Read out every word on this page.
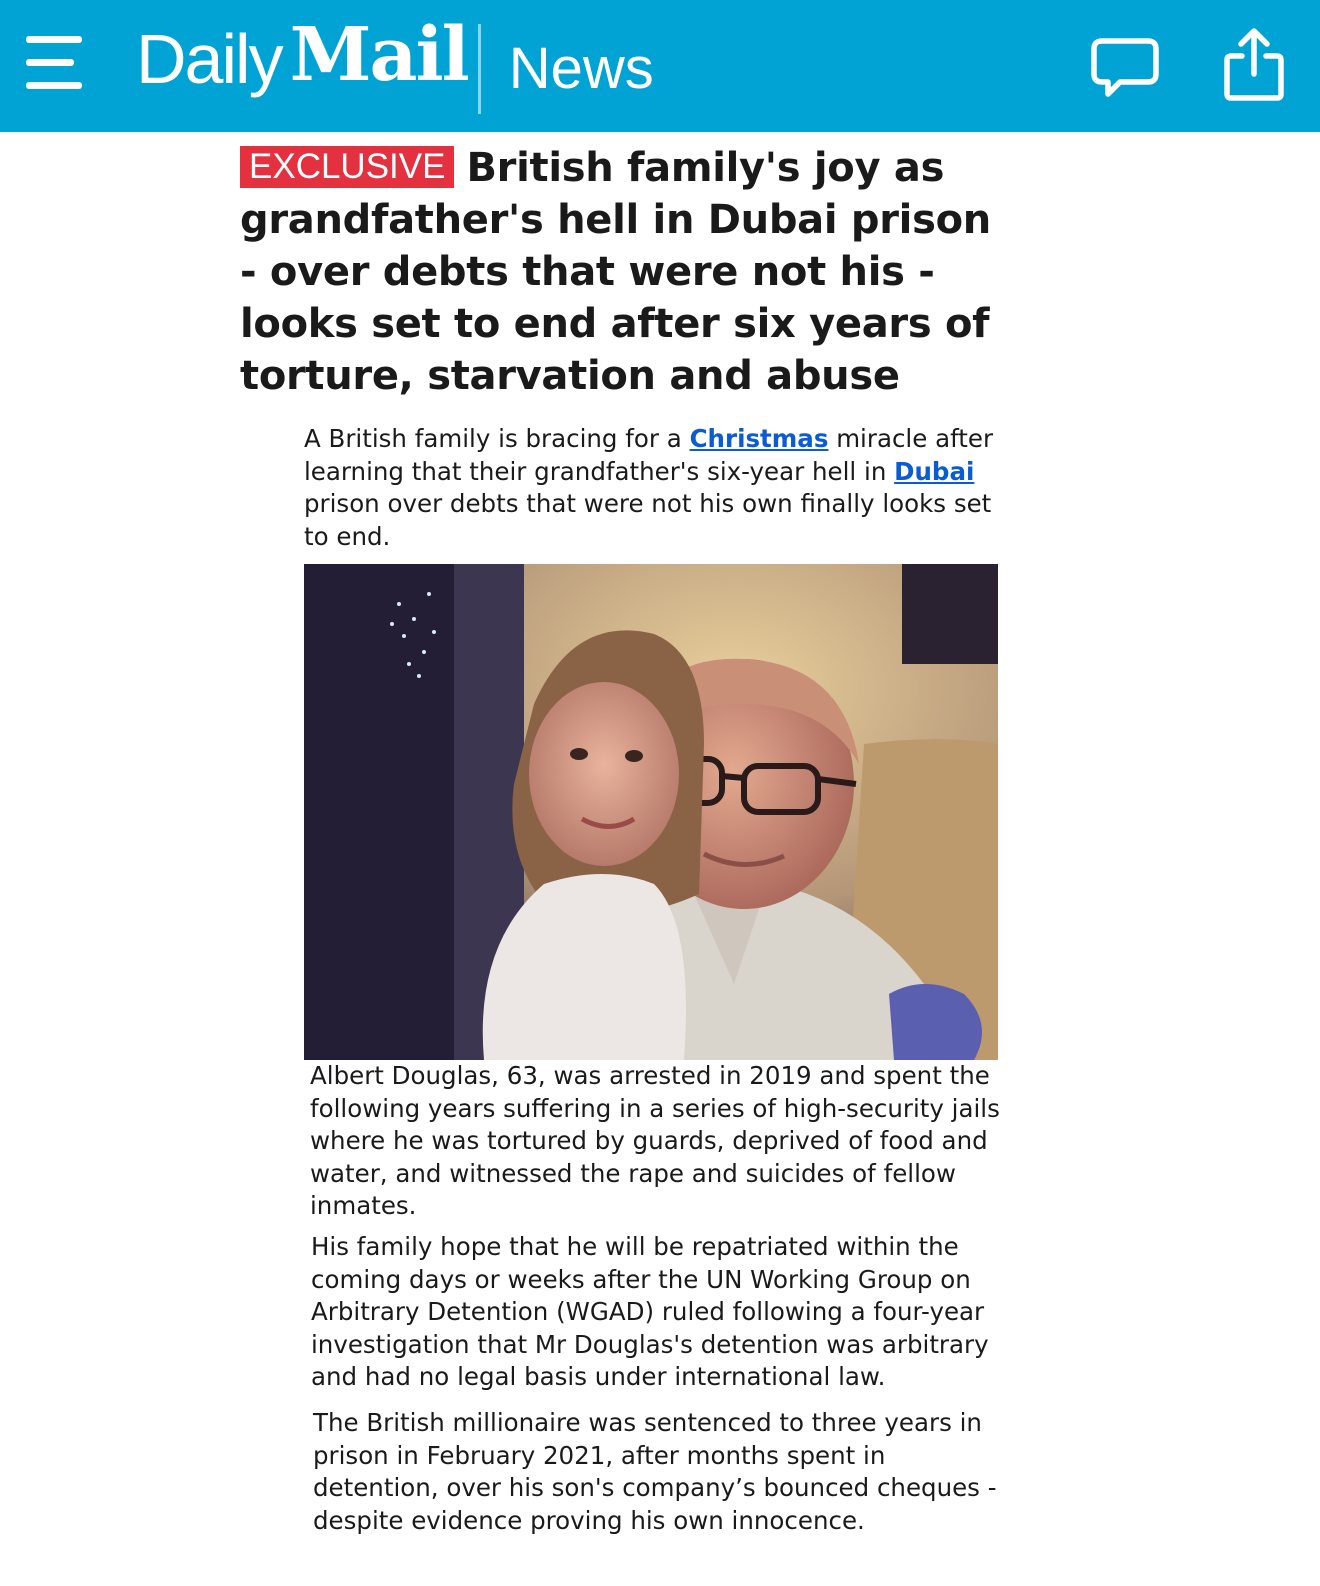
Daily Mail News
EXCLUSIVE British family's joy as grandfather's hell in Dubai prison - over debts that were not his - looks set to end after six years of torture, starvation and abuse

A British family is bracing for a Christmas miracle after learning that their grandfather's six-year hell in Dubai prison over debts that were not his own finally looks set to end.

Albert Douglas, 63, was arrested in 2019 and spent the following years suffering in a series of high-security jails where he was tortured by guards, deprived of food and water, and witnessed the rape and suicides of fellow inmates.

His family hope that he will be repatriated within the coming days or weeks after the UN Working Group on Arbitrary Detention (WGAD) ruled following a four-year investigation that Mr Douglas's detention was arbitrary and had no legal basis under international law.

The British millionaire was sentenced to three years in prison in February 2021, after months spent in detention, over his son's company’s bounced cheques - despite evidence proving his own innocence.
